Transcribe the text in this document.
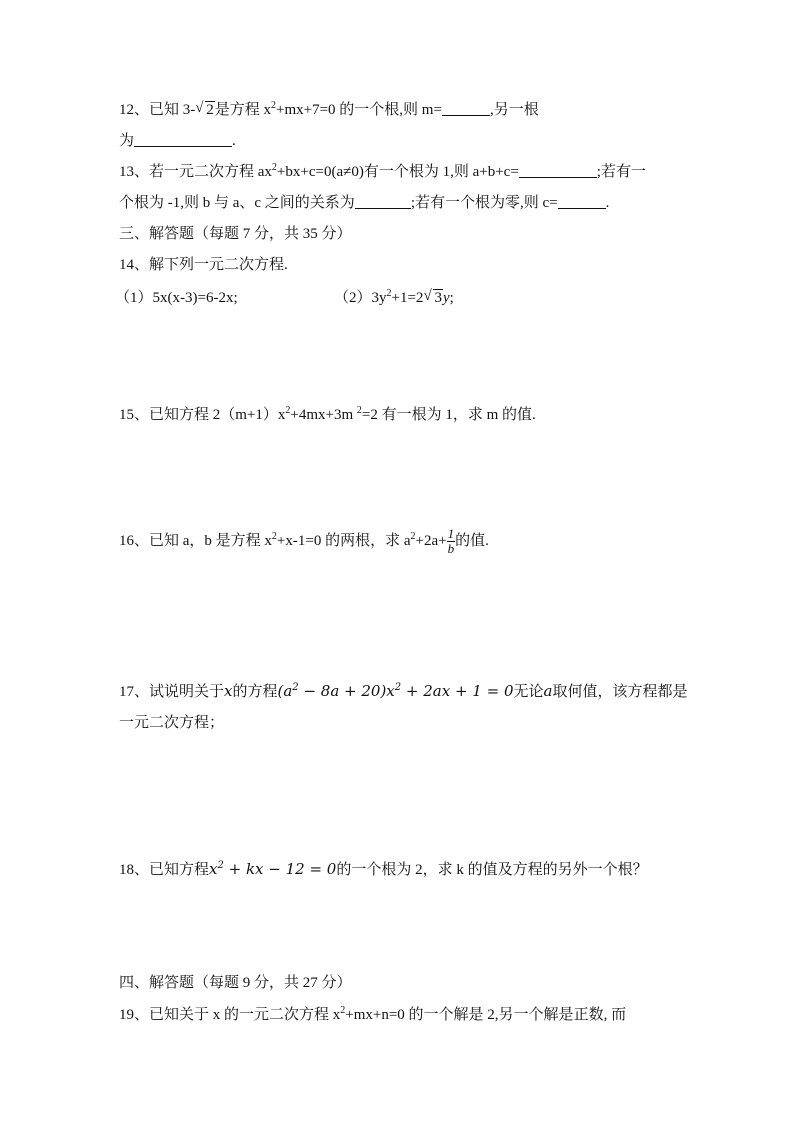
12、已知 3- √ 2是方程 $x^2+mx+7=0$ 的一个根,则 m=	,另一根
为	.
13、若一元二次方程 $ax^2+bx+c=0(a\ne 0)$有一个根为 1,则 a+b+c=	;若有一
个根为 -1,则 b 与 a、c 之间的关系为	;若有一个根为零,则 c=	.
三、解答题（每题 7 分，共 35 分）
14、解下列一元二次方程.
（1）5x(x-3)=6-2x;	$(2)3y^2+1=2$ √ 3y;
15、已知方程 $2(m+1)x^2+4mx+3m$ $^2$=2 有一根为 1，求 m 的值.
16、已知 a，b 是方程 $x^2+x-1=0$ 的两根，求 $a^2+2a+ \frac{1}{b}$ 的值.
17、试说明关于x的方程$(a^2 - 8a + 20)x^2 + 2ax + 1 = 0$无论a取何值，该方程都是
一元二次方程；
18、已知方程$x^2$ + kx − 12 = 0的一个根为 2，求 k 的值及方程的另外一个根？
四、解答题（每题 9 分，共 27 分）
19、已知关于 x 的一元二次方程 $x^2+mx+n=0$ 的一个解是 2,另一个解是正数, 而
